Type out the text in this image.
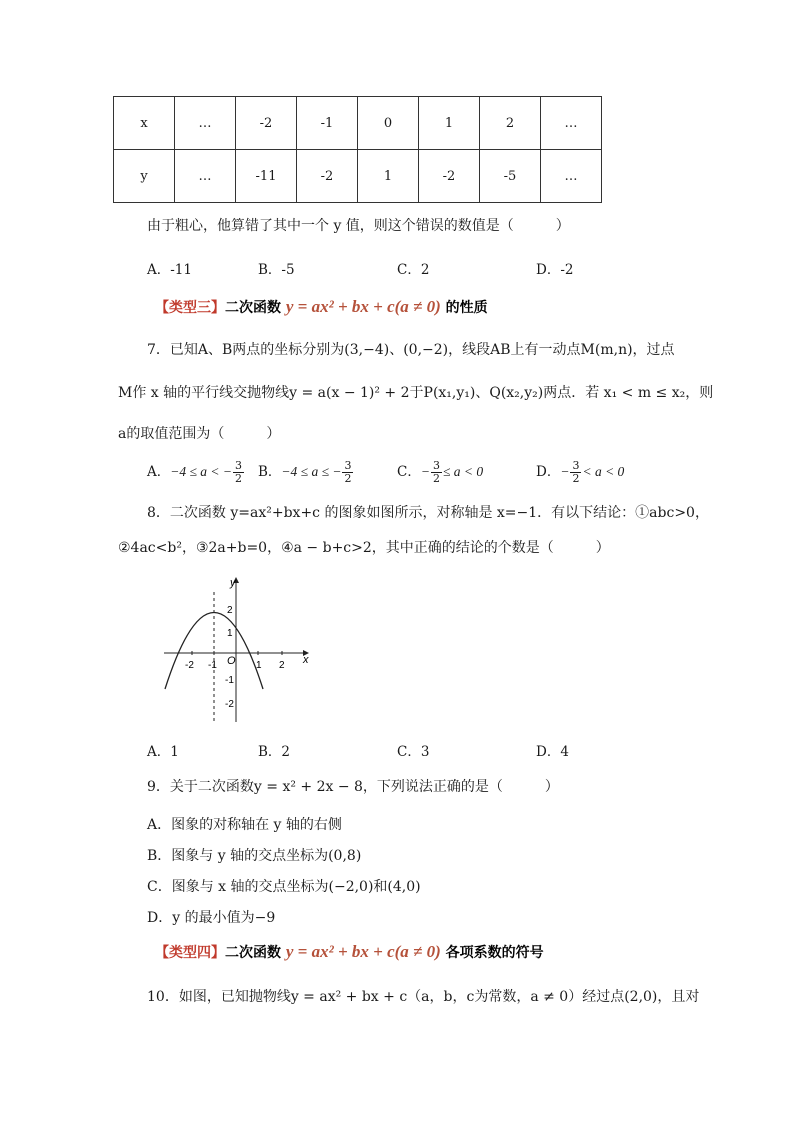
x	…	-2	-1	0	1	2	…
y	…	-11	-2	1	-2	-5	…
由于粗心，他算错了其中一个 y 值，则这个错误的数值是（　　　）
A．-11	B．-5	C．2	D．-2
【类型三】二次函数 y = ax² + bx + c(a ≠ 0) 的性质
7．已知A、B两点的坐标分别为(3,−4)、(0,−2)，线段AB上有一动点M(m,n)，过点
M作 x 轴的平行线交抛物线y = a(x − 1)² + 2于P(x₁,y₁)、Q(x₂,y₂)两点．若 x₁ < m ≤ x₂，则
a的取值范围为（　　　）
A．−4 ≤ a < − $\frac{3}{2}$ B．−4 ≤ a ≤ − $\frac{3}{2}$	C．− $\frac{3}{2} \le a < 0$	D．− $\frac{3}{2} < a < 0$
8．二次函数 y=ax²+bx+c 的图象如图所示，对称轴是 x=−1．有以下结论：①abc>0，
②4ac<b²，③2a+b=0，④a − b+c>2，其中正确的结论的个数是（　　　）
-2 -1	1 2
2
1
-1
-2
O	x
y
A．1	B．2	C．3	D．4
9．关于二次函数y = x² + 2x − 8，下列说法正确的是（　　　）
A．图象的对称轴在 y 轴的右侧
B．图象与 y 轴的交点坐标为(0,8)
C．图象与 x 轴的交点坐标为(−2,0)和(4,0)
D．y 的最小值为−9
【类型四】二次函数 y = ax² + bx + c(a ≠ 0) 各项系数的符号
10．如图，已知抛物线y = ax² + bx + c（a，b，c为常数，a ≠ 0）经过点(2,0)，且对
